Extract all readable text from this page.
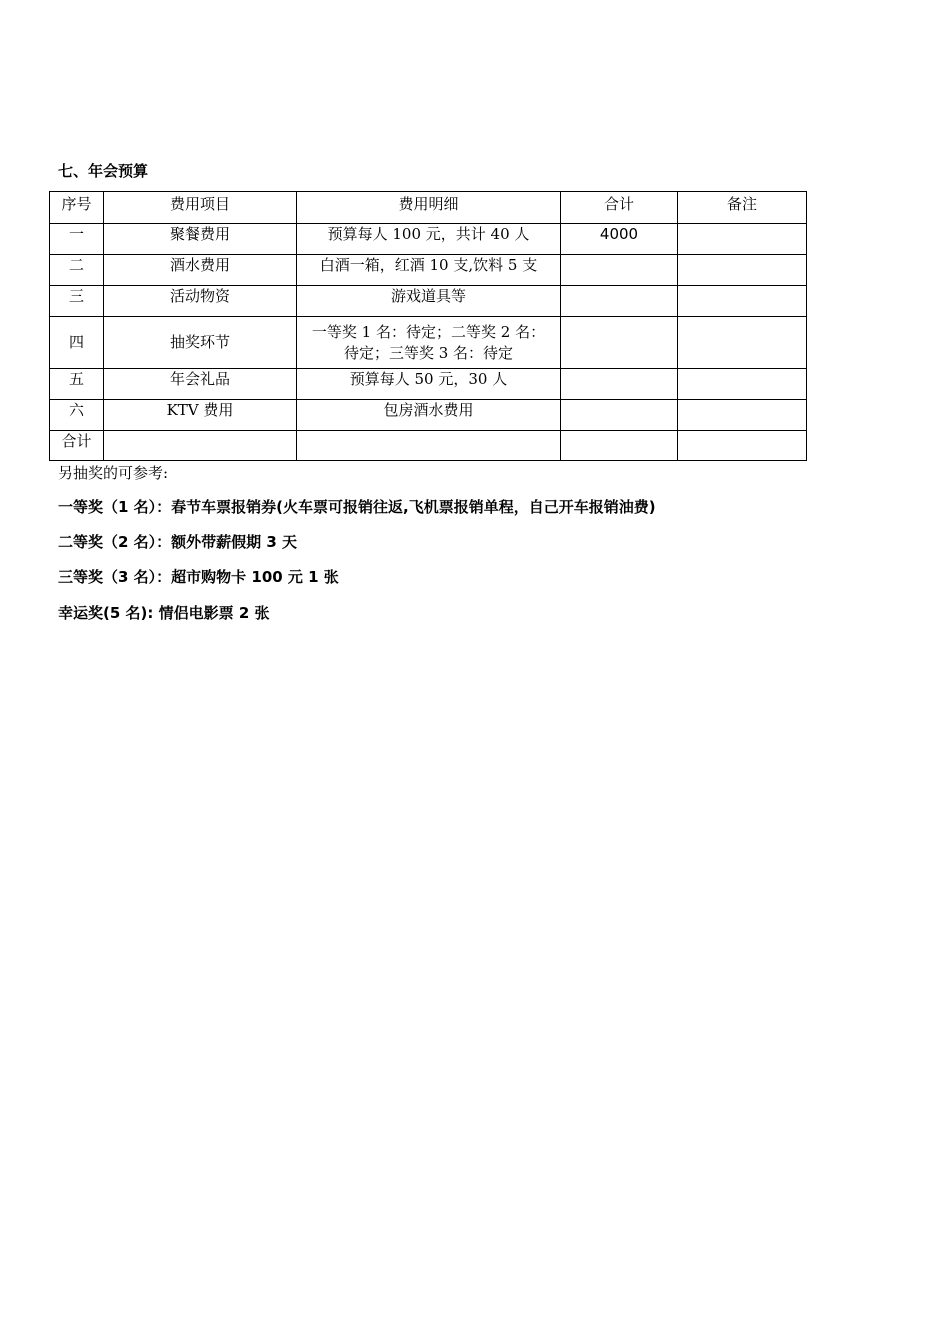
七、年会预算
序号	费用项目	费用明细	合计	备注
一	聚餐费用	预算每人 100 元，共计 40 人	4000	
二	酒水费用	白酒一箱，红酒 10 支,饮料 5 支		
三	活动物资	游戏道具等		
四	抽奖环节	一等奖 1 名：待定；二等奖 2 名：
待定；三等奖 3 名：待定		

五	年会礼品	预算每人 50 元，30 人		
六	KTV 费用	包房酒水费用		
合计				
另抽奖的可参考:
一等奖（1 名）：春节车票报销券(火车票可报销往返,飞机票报销单程，自己开车报销油费)
二等奖（2 名）：额外带薪假期 3 天
三等奖（3 名）：超市购物卡 100 元 1 张
幸运奖(5 名): 情侣电影票 2 张
